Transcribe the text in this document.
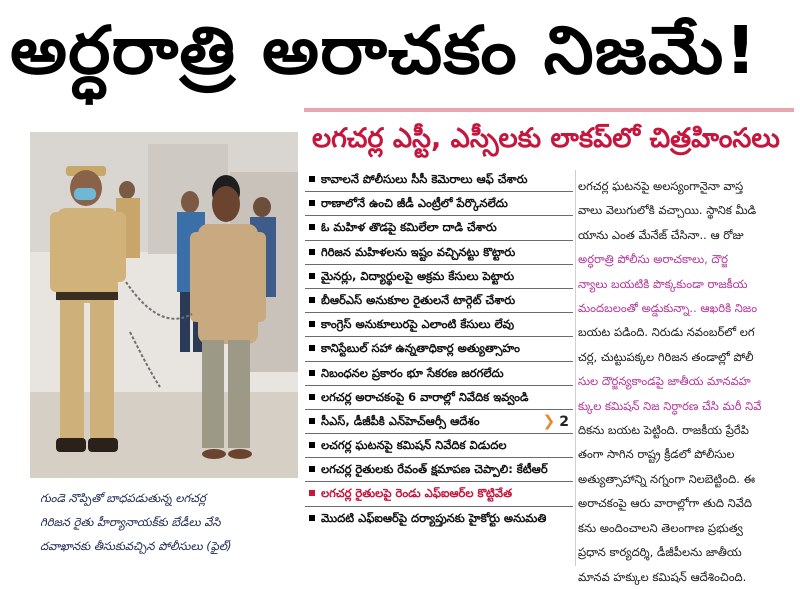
అర్ధరాత్రి అరాచకం నిజమే!
లగచర్ల ఎస్టీ, ఎస్సీలకు లాకప్‌లో చిత్రహింసలు
గుండె నొప్పితో బాధపడుతున్న లగచర్ల
గిరిజన రైతు హీర్యానాయక్‌కు బేడీలు వేసి
దవాఖానకు తీసుకువచ్చిన పోలీసులు (ఫైల్)
కావాలనే పోలీసులు సీసీ కెమెరాలు ఆఫ్ చేశారు
రాణాలోనే ఉంచి జీడీ ఎంట్రీలో పేర్కొనలేదు
ఓ మహిళ తొడపై కమిలేలా దాడి చేశారు
గిరిజన మహిళలను ఇష్టం వచ్చినట్టు కొట్టారు
మైనర్లు, విద్యార్థులపై అక్రమ కేసులు పెట్టారు
బీఆర్ఎస్ అనుకూల రైతులనే టార్గెట్ చేశారు
కాంగ్రెస్ అనుకూలురపై ఎలాంటి కేసులు లేవు
కానిస్టేబుల్ సహా ఉన్నతాధికార్ల అత్యుత్సాహం
నిబంధనల ప్రకారం భూ సేకరణ జరగలేదు
లగచర్ల అరాచకంపై 6 వారాల్లో నివేదిక ఇవ్వండి
సీఎస్, డీజీపీకి ఎన్‌హెచ్ఆర్సీ ఆదేశం	❯ 2
లచగర్ల ఘటనపై కమిషన్ నివేదిక విడుదల
లగచర్ల రైతులకు రేవంత్ క్షమాపణ చెప్పాలి: కేటీఆర్
లగచర్ల రైతులపై రెండు ఎఫ్ఐఆర్‌ల కొట్టివేత
మొదటి ఎఫ్ఐఆర్‌పై దర్యాప్తునకు హైకోర్టు అనుమతి
లగచర్ల ఘటనపై అలస్యంగానైనా వాస్త
వాలు వెలుగులోకి వచ్చాయి. స్థానిక మీడి
యాను ఎంత మేనేజ్ చేసినా.. ఆ రోజు
అర్ధరాత్రి పోలీసు అరాచకాలు, దౌర్జ
న్యాలు బయటికి పొక్కకుండా రాజకీయ
మందబలంతో అడ్డుకున్నా.. ఆఖరికి నిజం
బయట పడింది. నిరుడు నవంబర్‌లో లగ
చర్ల, చుట్టుపక్కల గిరిజన తండాల్లో పోలీ
సుల దౌర్జన్యకాండపై జాతీయ మానవహ
క్కుల కమిషన్ నిజ నిర్ధారణ చేసి మరీ నివే
దికను బయట పెట్టింది. రాజకీయ ప్రేరేపి
తంగా సాగిన రాష్ట్ర క్రీడలో పోలీసుల
అత్యుత్సాహాన్ని నగ్నంగా నిలబెట్టింది. ఈ
అరాచకంపై ఆరు వారాల్లోగా తుది నివేది
కను అందించాలని తెలంగాణ ప్రభుత్వ
ప్రధాన కార్యదర్శి, డీజీపీలను జాతీయ
మానవ హక్కుల కమిషన్ ఆదేశించింది.
